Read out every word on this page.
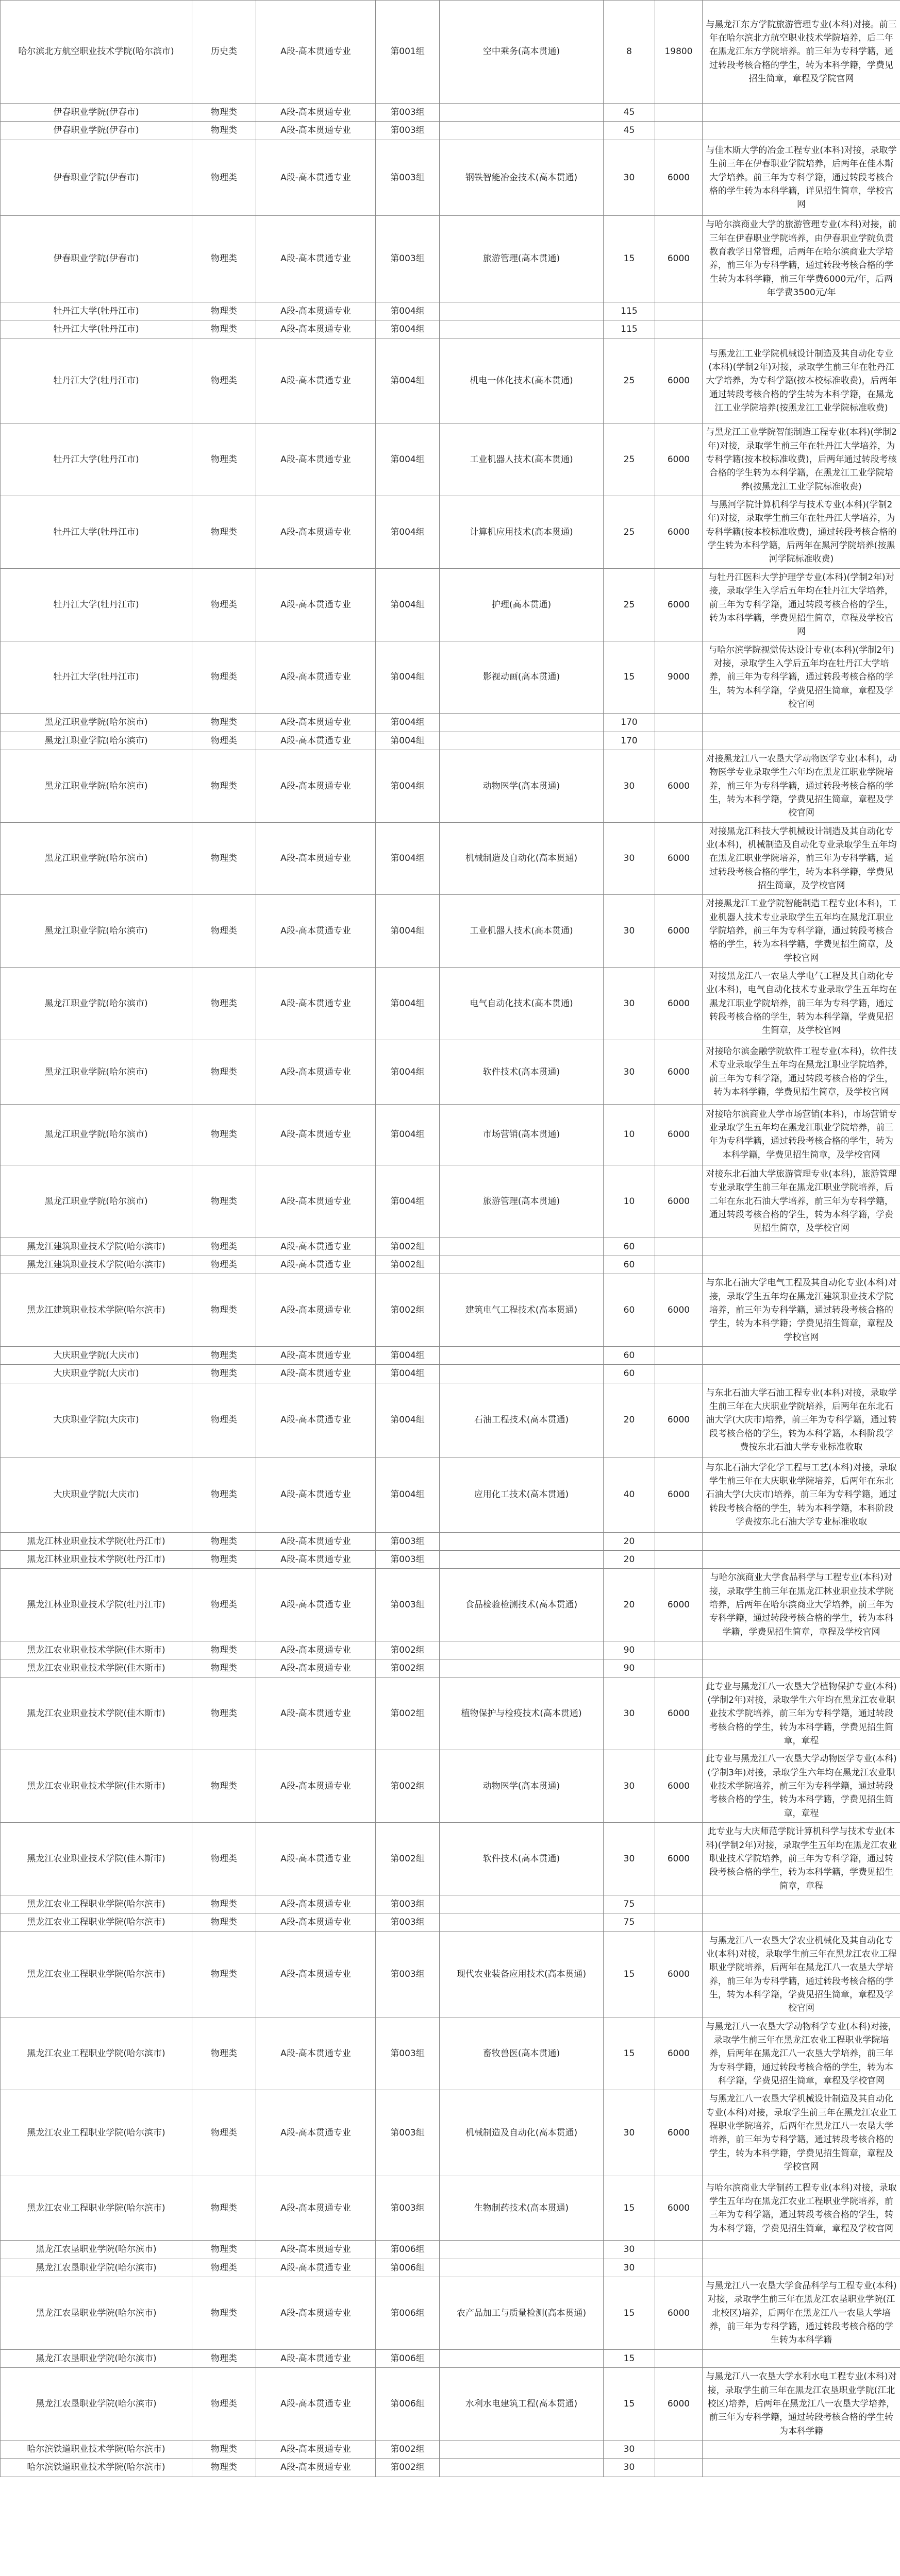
哈尔滨北方航空职业技术学院(哈尔滨市)	历史类	A段-高本贯通专业	第001组	空中乘务(高本贯通)	8	19800	与黑龙江东方学院旅游管理专业(本科)对接。前三年在哈尔滨北方航空职业技术学院培养，后二年在黑龙江东方学院培养。前三年为专科学籍，通过转段考核合格的学生，转为本科学籍，学费见招生简章，章程及学院官网
伊春职业学院(伊春市)	物理类	A段-高本贯通专业	第003组		45		
伊春职业学院(伊春市)	物理类	A段-高本贯通专业	第003组		45		
伊春职业学院(伊春市)	物理类	A段-高本贯通专业	第003组	钢铁智能冶金技术(高本贯通)	30	6000	与佳木斯大学的冶金工程专业(本科)对接，录取学生前三年在伊春职业学院培养，后两年在佳木斯大学培养。前三年为专科学籍，通过转段考核合格的学生转为本科学籍，详见招生简章，学校官网
伊春职业学院(伊春市)	物理类	A段-高本贯通专业	第003组	旅游管理(高本贯通)	15	6000	与哈尔滨商业大学的旅游管理专业(本科)对接，前三年在伊春职业学院培养，由伊春职业学院负责教育教学日常管理，后两年在哈尔滨商业大学培养，前三年为专科学籍，通过转段考核合格的学生转为本科学籍，前三年学费6000元/年，后两年学费3500元/年
牡丹江大学(牡丹江市)	物理类	A段-高本贯通专业	第004组		115		
牡丹江大学(牡丹江市)	物理类	A段-高本贯通专业	第004组		115		
牡丹江大学(牡丹江市)	物理类	A段-高本贯通专业	第004组	机电一体化技术(高本贯通)	25	6000	与黑龙江工业学院机械设计制造及其自动化专业(本科)(学制2年)对接，录取学生前三年在牡丹江大学培养，为专科学籍(按本校标准收费)，后两年通过转段考核合格的学生转为本科学籍，在黑龙江工业学院培养(按黑龙江工业学院标准收费)
牡丹江大学(牡丹江市)	物理类	A段-高本贯通专业	第004组	工业机器人技术(高本贯通)	25	6000	与黑龙江工业学院智能制造工程专业(本科)(学制2年)对接，录取学生前三年在牡丹江大学培养，为专科学籍(按本校标准收费)，后两年通过转段考核合格的学生转为本科学籍，在黑龙江工业学院培养(按黑龙江工业学院标准收费)
牡丹江大学(牡丹江市)	物理类	A段-高本贯通专业	第004组	计算机应用技术(高本贯通)	25	6000	与黑河学院计算机科学与技术专业(本科)(学制2年)对接，录取学生前三年在牡丹江大学培养，为专科学籍(按本校标准收费)，通过转段考核合格的学生转为本科学籍，后两年在黑河学院培养(按黑河学院标准收费)
牡丹江大学(牡丹江市)	物理类	A段-高本贯通专业	第004组	护理(高本贯通)	25	6000	与牡丹江医科大学护理学专业(本科)(学制2年)对接，录取学生入学后五年均在牡丹江大学培养，前三年为专科学籍，通过转段考核合格的学生，转为本科学籍，学费见招生简章，章程及学校官网
牡丹江大学(牡丹江市)	物理类	A段-高本贯通专业	第004组	影视动画(高本贯通)	15	9000	与哈尔滨学院视觉传达设计专业(本科)(学制2年)对接，录取学生入学后五年均在牡丹江大学培养，前三年为专科学籍，通过转段考核合格的学生，转为本科学籍，学费见招生简章，章程及学校官网
黑龙江职业学院(哈尔滨市)	物理类	A段-高本贯通专业	第004组		170		
黑龙江职业学院(哈尔滨市)	物理类	A段-高本贯通专业	第004组		170		
黑龙江职业学院(哈尔滨市)	物理类	A段-高本贯通专业	第004组	动物医学(高本贯通)	30	6000	对接黑龙江八一农垦大学动物医学专业(本科)，动物医学专业录取学生六年均在黑龙江职业学院培养，前三年为专科学籍，通过转段考核合格的学生，转为本科学籍，学费见招生简章，章程及学校官网
黑龙江职业学院(哈尔滨市)	物理类	A段-高本贯通专业	第004组	机械制造及自动化(高本贯通)	30	6000	对接黑龙江科技大学机械设计制造及其自动化专业(本科)，机械制造及自动化专业录取学生五年均在黑龙江职业学院培养，前三年为专科学籍，通过转段考核合格的学生，转为本科学籍，学费见招生简章，及学校官网
黑龙江职业学院(哈尔滨市)	物理类	A段-高本贯通专业	第004组	工业机器人技术(高本贯通)	30	6000	对接黑龙江工业学院智能制造工程专业(本科)，工业机器人技术专业录取学生五年均在黑龙江职业学院培养，前三年为专科学籍，通过转段考核合格的学生，转为本科学籍，学费见招生简章，及学校官网
黑龙江职业学院(哈尔滨市)	物理类	A段-高本贯通专业	第004组	电气自动化技术(高本贯通)	30	6000	对接黑龙江八一农垦大学电气工程及其自动化专业(本科)，电气自动化技术专业录取学生五年均在黑龙江职业学院培养，前三年为专科学籍，通过转段考核合格的学生，转为本科学籍，学费见招生简章，及学校官网
黑龙江职业学院(哈尔滨市)	物理类	A段-高本贯通专业	第004组	软件技术(高本贯通)	30	6000	对接哈尔滨金融学院软件工程专业(本科)，软件技术专业录取学生五年均在黑龙江职业学院培养，前三年为专科学籍，通过转段考核合格的学生，转为本科学籍，学费见招生简章，及学校官网
黑龙江职业学院(哈尔滨市)	物理类	A段-高本贯通专业	第004组	市场营销(高本贯通)	10	6000	对接哈尔滨商业大学市场营销(本科)，市场营销专业录取学生五年均在黑龙江职业学院培养，前三年为专科学籍，通过转段考核合格的学生，转为本科学籍，学费见招生简章，及学校官网
黑龙江职业学院(哈尔滨市)	物理类	A段-高本贯通专业	第004组	旅游管理(高本贯通)	10	6000	对接东北石油大学旅游管理专业(本科)，旅游管理专业录取学生前三年在黑龙江职业学院培养，后二年在东北石油大学培养，前三年为专科学籍，通过转段考核合格的学生，转为本科学籍，学费见招生简章，及学校官网
黑龙江建筑职业技术学院(哈尔滨市)	物理类	A段-高本贯通专业	第002组		60		
黑龙江建筑职业技术学院(哈尔滨市)	物理类	A段-高本贯通专业	第002组		60		
黑龙江建筑职业技术学院(哈尔滨市)	物理类	A段-高本贯通专业	第002组	建筑电气工程技术(高本贯通)	60	6000	与东北石油大学电气工程及其自动化专业(本科)对接，录取学生五年均在黑龙江建筑职业技术学院培养，前三年为专科学籍，通过转段考核合格的学生，转为本科学籍；学费见招生简章，章程及学校官网
大庆职业学院(大庆市)	物理类	A段-高本贯通专业	第004组		60		
大庆职业学院(大庆市)	物理类	A段-高本贯通专业	第004组		60		
大庆职业学院(大庆市)	物理类	A段-高本贯通专业	第004组	石油工程技术(高本贯通)	20	6000	与东北石油大学石油工程专业(本科)对接，录取学生前三年在大庆职业学院培养，后两年在东北石油大学(大庆市)培养，前三年为专科学籍，通过转段考核合格的学生，转为本科学籍，本科阶段学费按东北石油大学专业标准收取
大庆职业学院(大庆市)	物理类	A段-高本贯通专业	第004组	应用化工技术(高本贯通)	40	6000	与东北石油大学化学工程与工艺(本科)对接，录取学生前三年在大庆职业学院培养，后两年在东北石油大学(大庆市)培养，前三年为专科学籍，通过转段考核合格的学生，转为本科学籍，本科阶段学费按东北石油大学专业标准收取
黑龙江林业职业技术学院(牡丹江市)	物理类	A段-高本贯通专业	第003组		20		
黑龙江林业职业技术学院(牡丹江市)	物理类	A段-高本贯通专业	第003组		20		
黑龙江林业职业技术学院(牡丹江市)	物理类	A段-高本贯通专业	第003组	食品检验检测技术(高本贯通)	20	6000	与哈尔滨商业大学食品科学与工程专业(本科)对接，录取学生前三年在黑龙江林业职业技术学院培养，后两年在哈尔滨商业大学培养，前三年为专科学籍，通过转段考核合格的学生，转为本科学籍，学费见招生简章，章程及学校官网
黑龙江农业职业技术学院(佳木斯市)	物理类	A段-高本贯通专业	第002组		90		
黑龙江农业职业技术学院(佳木斯市)	物理类	A段-高本贯通专业	第002组		90		
黑龙江农业职业技术学院(佳木斯市)	物理类	A段-高本贯通专业	第002组	植物保护与检疫技术(高本贯通)	30	6000	此专业与黑龙江八一农垦大学植物保护专业(本科)(学制2年)对接，录取学生六年均在黑龙江农业职业技术学院培养，前三年为专科学籍，通过转段考核合格的学生，转为本科学籍，学费见招生简章，章程
黑龙江农业职业技术学院(佳木斯市)	物理类	A段-高本贯通专业	第002组	动物医学(高本贯通)	30	6000	此专业与黑龙江八一农垦大学动物医学专业(本科)(学制3年)对接，录取学生六年均在黑龙江农业职业技术学院培养，前三年为专科学籍，通过转段考核合格的学生，转为本科学籍，学费见招生简章，章程
黑龙江农业职业技术学院(佳木斯市)	物理类	A段-高本贯通专业	第002组	软件技术(高本贯通)	30	6000	此专业与大庆师范学院计算机科学与技术专业(本科)(学制2年)对接，录取学生五年均在黑龙江农业职业技术学院培养，前三年为专科学籍，通过转段考核合格的学生，转为本科学籍，学费见招生简章，章程
黑龙江农业工程职业学院(哈尔滨市)	物理类	A段-高本贯通专业	第003组		75		
黑龙江农业工程职业学院(哈尔滨市)	物理类	A段-高本贯通专业	第003组		75		
黑龙江农业工程职业学院(哈尔滨市)	物理类	A段-高本贯通专业	第003组	现代农业装备应用技术(高本贯通)	15	6000	与黑龙江八一农垦大学农业机械化及其自动化专业(本科)对接，录取学生前三年在黑龙江农业工程职业学院培养，后两年在黑龙江八一农垦大学培养，前三年为专科学籍，通过转段考核合格的学生，转为本科学籍，学费见招生简章，章程及学校官网
黑龙江农业工程职业学院(哈尔滨市)	物理类	A段-高本贯通专业	第003组	畜牧兽医(高本贯通)	15	6000	与黑龙江八一农垦大学动物科学专业(本科)对接，录取学生前三年在黑龙江农业工程职业学院培养，后两年在黑龙江八一农垦大学培养，前三年为专科学籍，通过转段考核合格的学生，转为本科学籍，学费见招生简章，章程及学校官网
黑龙江农业工程职业学院(哈尔滨市)	物理类	A段-高本贯通专业	第003组	机械制造及自动化(高本贯通)	30	6000	与黑龙江八一农垦大学机械设计制造及其自动化专业(本科)对接，录取学生前三年在黑龙江农业工程职业学院培养，后两年在黑龙江八一农垦大学培养，前三年为专科学籍，通过转段考核合格的学生，转为本科学籍，学费见招生简章，章程及学校官网
黑龙江农业工程职业学院(哈尔滨市)	物理类	A段-高本贯通专业	第003组	生物制药技术(高本贯通)	15	6000	与哈尔滨商业大学制药工程专业(本科)对接，录取学生五年均在黑龙江农业工程职业学院培养，前三年为专科学籍，通过转段考核合格的学生，转为本科学籍，学费见招生简章，章程及学校官网
黑龙江农垦职业学院(哈尔滨市)	物理类	A段-高本贯通专业	第006组		30		
黑龙江农垦职业学院(哈尔滨市)	物理类	A段-高本贯通专业	第006组		30		
黑龙江农垦职业学院(哈尔滨市)	物理类	A段-高本贯通专业	第006组	农产品加工与质量检测(高本贯通)	15	6000	与黑龙江八一农垦大学食品科学与工程专业(本科)对接，录取学生前三年在黑龙江农垦职业学院(江北校区)培养，后两年在黑龙江八一农垦大学培养，前三年为专科学籍，通过转段考核合格的学生转为本科学籍
黑龙江农垦职业学院(哈尔滨市)	物理类	A段-高本贯通专业	第006组		15		
黑龙江农垦职业学院(哈尔滨市)	物理类	A段-高本贯通专业	第006组	水利水电建筑工程(高本贯通)	15	6000	与黑龙江八一农垦大学水利水电工程专业(本科)对接，录取学生前三年在黑龙江农垦职业学院(江北校区)培养，后两年在黑龙江八一农垦大学培养，前三年为专科学籍，通过转段考核合格的学生转为本科学籍
哈尔滨铁道职业技术学院(哈尔滨市)	物理类	A段-高本贯通专业	第002组		30		
哈尔滨铁道职业技术学院(哈尔滨市)	物理类	A段-高本贯通专业	第002组		30		
